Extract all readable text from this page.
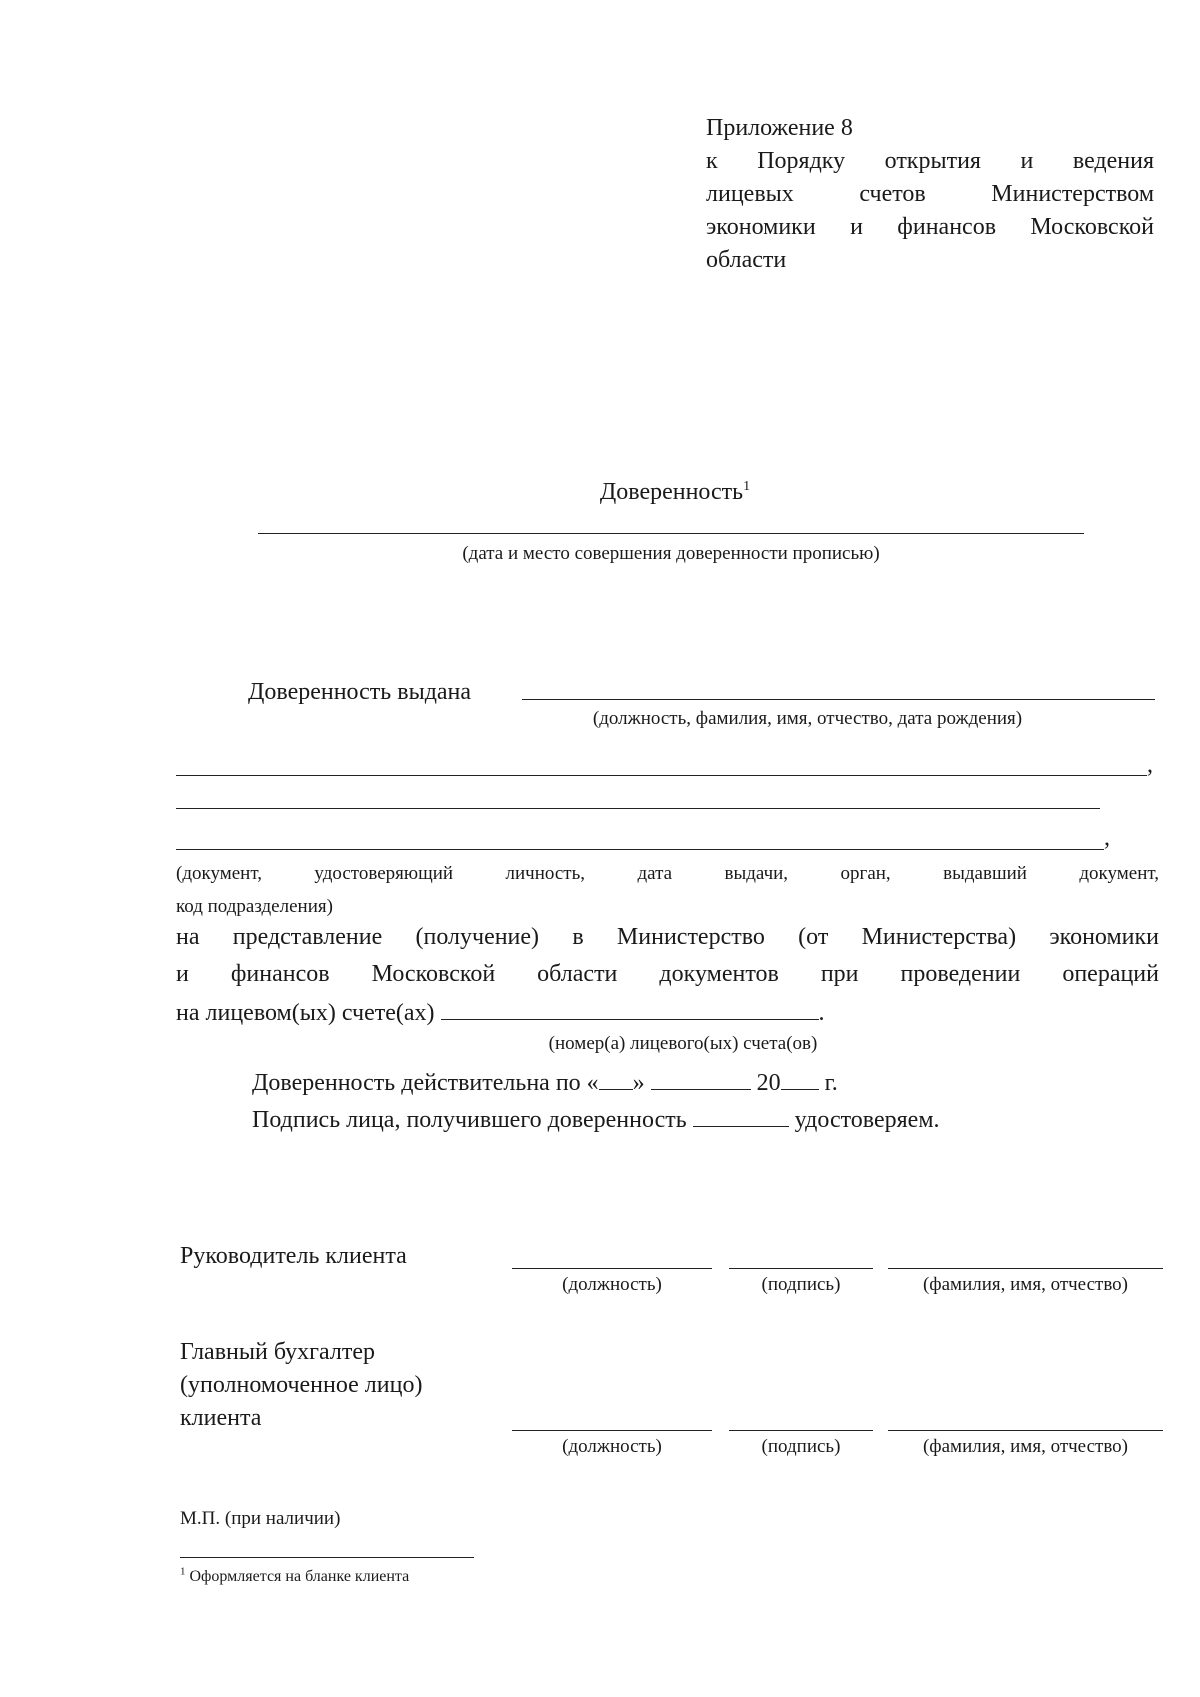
Приложение 8
к Порядку открытия и ведения
лицевых счетов Министерством
экономики и финансов Московской
области
Доверенность$^1$
(дата и место совершения доверенности прописью)
Доверенность выдана
(должность, фамилия, имя, отчество, дата рождения)
,
,
(документ, удостоверяющий личность, дата выдачи, орган, выдавший документ,
код подразделения)
на представление (получение) в Министерство (от Министерства) экономики
и финансов Московской области документов при проведении операций
на лицевом(ых) счете(ах)	.
(номер(а) лицевого(ых) счета(ов)
Доверенность действительна по « »	20 г.
Подпись лица, получившего доверенность	удостоверяем.
Руководитель клиента
(должность)	(подпись)	(фамилия, имя, отчество)
Главный бухгалтер
(уполномоченное лицо)
клиента
(должность)	(подпись)	(фамилия, имя, отчество)
М.П. (при наличии)
$^1$ Оформляется на бланке клиента
